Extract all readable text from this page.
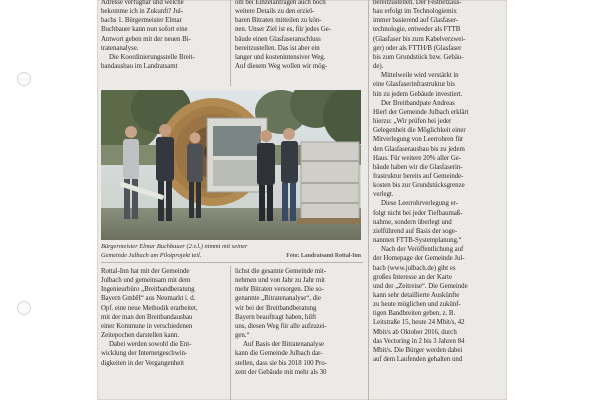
Adresse verfügbar und welche

bekomme ich in Zukunft? Jul-

bachs 1. Bürgermeister Elmar

Buchbauer kann nun sofort eine

Antwort geben mit der neuen Bi-

tratenanalyse.

Die Koordinierungsstelle Breit-

bandausbau im Landratsamt

om bei Einzelanfragen auch noch

weitere Details zu den erziel-

baren Bitraten mitteilen zu kön-

nen. Unser Ziel ist es, für jedes Ge-

bäude einen Glasfaseranschluss

bereitzustellen. Das ist aber ein

langer und kostenintensiver Weg.

Auf diesem Weg wollen wir mög-

bereitzustellen. Der Festnetzaus-

bau erfolgt im Technologiemix

immer basierend auf Glasfaser-

technologie, entweder als FTTB

(Glasfaser bis zum Kabelverzwei-

ger) oder als FTTH/B (Glasfaser

bis zum Grundstück bzw. Gebäu-

de).

Mittelweile wird verstärkt in

eine Glasfaserinfrastruktur bis

hin zu jedem Gebäude investiert.

Der Breitbandpate Andreas

Hierl der Gemeinde Julbach erklärt

hierzu: „Wir prüfen bei jeder

Gelegenheit die Möglichkeit einer

Mitverlegung von Leerrohren für

den Glasfaserausbau bis zu jedem

Haus. Für weitere 20% aller Ge-

bäude haben wir die Glasfaserin-

frastruktur bereits auf Gemeinde-

kosten bis zur Grundstücksgrenze

verlegt.

Diese Leerrohrverlegung er-

folgt nicht bei jeder Tiefbaumaß-

nahme, sondern überlegt und

zielführend auf Basis der soge-

nannten FTTB-Systemplanung.“

Nach der Veröffentlichung auf

der Homepage der Gemeinde Jul-

bach (www.julbach.de) gibt es

großes Interesse an der Karte

und der „Zeitreise“. Die Gemeinde

kann sehr detaillierte Auskünfte

zu heute möglichen und zukünf-

tigen Bandbreiten geben, z. B.

Leitstraße 15, heute 24 Mbit/s, 42

Mbit/s ab Oktober 2016, durch

das Vectoring in 2 bis 3 Jahren 84

Mbit/s. Die Bürger werden dabei

auf dem Laufenden gehalten und

Bürgermeister Elmar Buchbauer (2.v.l.) nimmt mit seiner
Gemeinde Julbach am Pilotprojekt teil.	Foto: Landratsamt Rottal-Inn

Rottal-Inn hat mit der Gemeinde

Julbach und gemeinsam mit dem

Ingenieurbüro „Breitbandberatung

Bayern GmbH“ aus Neumarkt i. d.

Opf. eine neue Methodik erarbeitet,

mit der man den Breitbandausbau

einer Kommune in verschiedenen

Zeitepochen darstellen kann.

Dabei werden sowohl die Ent-

wicklung der Internetgeschwin-

digkeiten in der Vergangenheit

lichst die gesamte Gemeinde mit-

nehmen und von Jahr zu Jahr mit

mehr Bitraten versorgen. Die so-

genannte „Bitratenanalyse“, die

wir bei der Breitbandberatung

Bayern beauftragt haben, hilft

uns, diesen Weg für alle aufzuzei-

gen.“

Auf Basis der Bitratenanalyse

kann die Gemeinde Julbach dar-

stellen, dass sie bis 2018 100 Pro-

zent der Gebäude mit mehr als 30
